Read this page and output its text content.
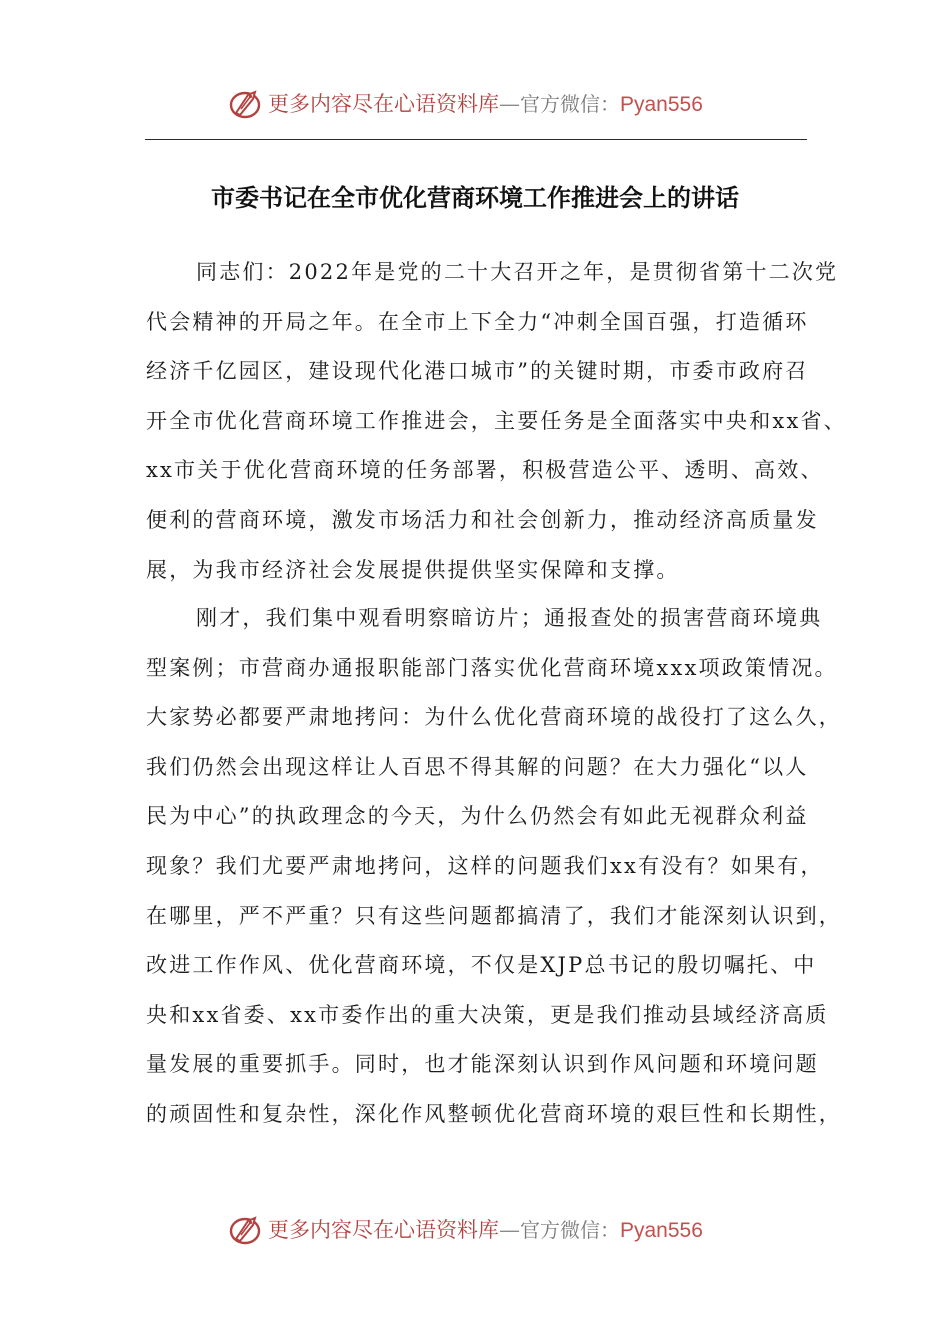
更多内容尽在心语资料库—官方微信：Pyan556
市委书记在全市优化营商环境工作推进会上的讲话
同志们：2022年是党的二十大召开之年，是贯彻省第十二次党
代会精神的开局之年。在全市上下全力“冲刺全国百强，打造循环
经济千亿园区，建设现代化港口城市”的关键时期，市委市政府召
开全市优化营商环境工作推进会，主要任务是全面落实中央和xx省、
xx市关于优化营商环境的任务部署，积极营造公平、透明、高效、
便利的营商环境，激发市场活力和社会创新力，推动经济高质量发
展，为我市经济社会发展提供提供坚实保障和支撑。
刚才，我们集中观看明察暗访片；通报查处的损害营商环境典
型案例；市营商办通报职能部门落实优化营商环境xxx项政策情况。
大家势必都要严肃地拷问：为什么优化营商环境的战役打了这么久，
我们仍然会出现这样让人百思不得其解的问题？在大力强化“以人
民为中心”的执政理念的今天，为什么仍然会有如此无视群众利益
现象？我们尤要严肃地拷问，这样的问题我们xx有没有？如果有，
在哪里，严不严重？只有这些问题都搞清了，我们才能深刻认识到，
改进工作作风、优化营商环境，不仅是XJP总书记的殷切嘱托、中
央和xx省委、xx市委作出的重大决策，更是我们推动县域经济高质
量发展的重要抓手。同时，也才能深刻认识到作风问题和环境问题
的顽固性和复杂性，深化作风整顿优化营商环境的艰巨性和长期性，
更多内容尽在心语资料库—官方微信：Pyan556
